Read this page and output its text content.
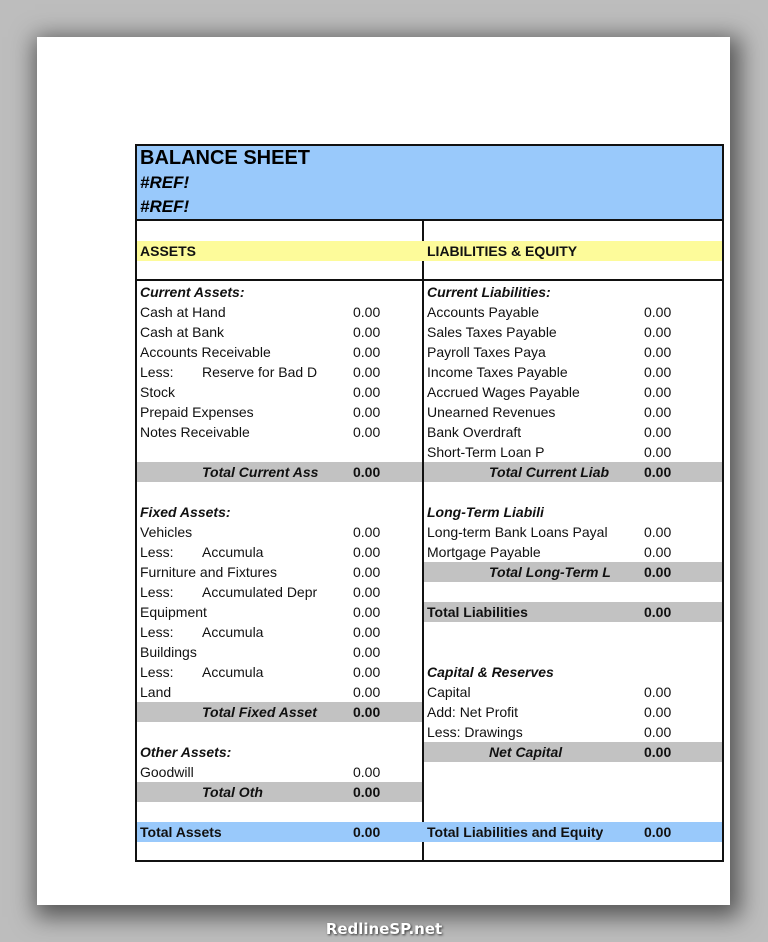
BALANCE SHEET
#REF!
#REF!
ASSETS	LIABILITIES & EQUITY
Current Assets:
Cash at Hand	0.00
Cash at Bank	0.00
Accounts Receivable	0.00
Less: Reserve for Bad D	0.00
Stock	0.00
Prepaid Expenses	0.00
Notes Receivable	0.00
Total Current Ass 0.00
Fixed Assets:
Vehicles	0.00
Less: Accumula	0.00
Furniture and Fixtures	0.00
Less: Accumulated Depr	0.00
Equipment	0.00
Less: Accumula	0.00
Buildings	0.00
Less: Accumula	0.00
Land	0.00
Total Fixed Asset	0.00
Other Assets:
Goodwill	0.00
Total Oth	0.00
Total Assets	0.00
Current Liabilities:
Accounts Payable	0.00
Sales Taxes Payable	0.00
Payroll Taxes Paya	0.00
Income Taxes Payable	0.00
Accrued Wages Payable	0.00
Unearned Revenues	0.00
Bank Overdraft	0.00
Short-Term Loan P	0.00
Total Current Liab 0.00
Long-Term Liabili
Long-term Bank Loans Payal	0.00
Mortgage Payable	0.00
Total Long-Term L 0.00
Total Liabilities	0.00
Capital & Reserves
Capital	0.00
Add: Net Profit	0.00
Less: Drawings	0.00
Net Capital	0.00
Total Liabilities and Equity	0.00
RedlineSP.net
